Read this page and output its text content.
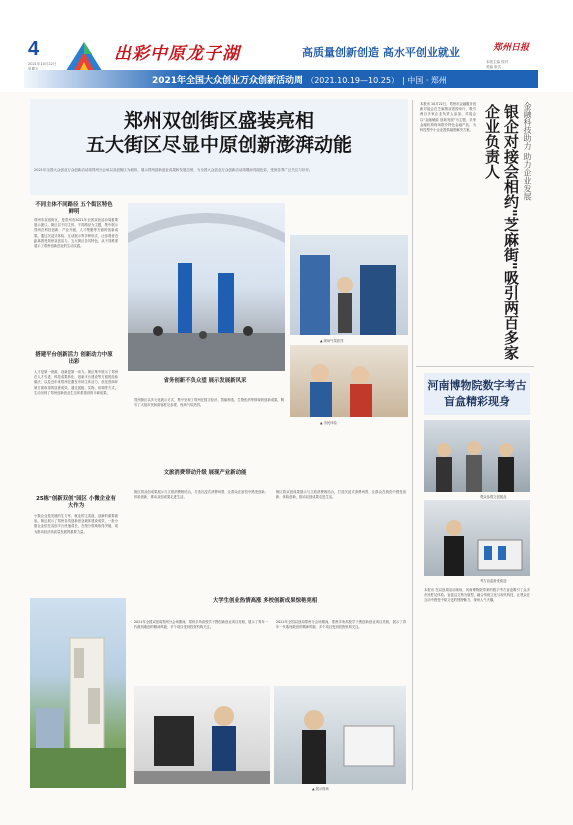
4
2021年10月22日
星期五
出彩中原龙子湖	高质量创新创造 高水平创业就业	郑州日报
本版主编 校对
美编 版式
2021年全国大众创业万众创新活动周 （2021.10.19—10.25） | 中国 · 郑州
郑州双创街区盛装亮相
五大街区尽显中原创新澎湃动能
2021年全国大众创业万众创新活动周郑州分会场以双创街区为载体，展示郑州创新创业成果和发展态势，为全国大众创业万众创新活动周增添亮丽色彩，受到各界广泛关注与好评。
不同主体不同路径 五个街区特色鲜明
郑州市双创街区，是郑州市2021年全国双创活动周重要展示窗口。街区以不同主体、不同路径为主题，集中展示郑州在科技创新、产业升级、人才集聚等方面的创新成果。通过沉浸式体验、互动展示等多种形式，让参观者近距离感受郑州双创活力。五大街区各具特色，从不同维度展示了郑州创新创业的生动实践。
搭建平台创新活力 创新动力中原出彩
人才是第一资源，创新是第一动力。街区集中展示了郑州在人才引进、科技成果转化、创新平台建设等方面的经验做法，以及近年来郑州在激发市场主体活力、优化营商环境方面取得的显著成效。通过展板、实物、视频等方式，生动呈现了郑州创新创业生态体系建设的丰硕成果。
25栋"创新双创"园区 小微企业有大作为
小微企业是发展的生力军、就业的主渠道、创新的重要源泉。街区展示了郑州各类创新创业载体建设成效，一批小微企业依托双创平台快速成长，在细分领域取得突破，成为推动经济高质量发展的重要力量。
▲ 现场气氛热烈
▲ 市民体验
省务创新不负众望 展示发展新风采
郑州街区以多元化展示方式，集中呈现了郑州在数字经济、智能制造、生物医药等领域的创新成果，吸引了大批市民和游客驻足参观，现场气氛热烈。
文旅消费带动升级 展现产业新动能
街区将双创成果展示与文旅消费相结合，打造沉浸式消费场景，让群众在游览中感受创新、体验创新，推动双创成果走进生活。
街区将双创成果展示与文旅消费相结合，打造沉浸式消费场景，让群众在游览中感受创新、体验创新，推动双创成果走进生活。
大学生创业热情高涨 多校创新成果惊艳亮相
2021年全国双创周郑州分会场期间，郑州多所高校学子携创新创业项目亮相，展示了青年一代敢闯敢创的精神风貌，多个项目受到投资机构关注。
2021年全国双创周郑州分会场期间，郑州多所高校学子携创新创业项目亮相，展示了青年一代敢闯敢创的精神风貌，多个项目受到投资机构关注。
▲ 展示现场
金融科技助力 助力企业发展
银企对接会相约"芝麻街"吸引两百多家企业负责人
本报讯 10月22日，郑州市金融服务创新对接会在芝麻街双创园举行，吸引两百多家企业负责人参加。对接会以"金融赋能 创新发展"为主题，多家金融机构现场推介特色金融产品，为科技型中小企业提供融资解决方案。
河南博物院数字考古盲盒精彩现身
观众参观文创展品
考古盲盒备受欢迎
本报讯 在双创周活动现场，河南博物院带来的数字考古盲盒吸引了众多市民驻足体验。盲盒以文物为原型，融合传统文化与现代科技，让观众在互动中感受中原文化的独特魅力，现场人气火爆。
